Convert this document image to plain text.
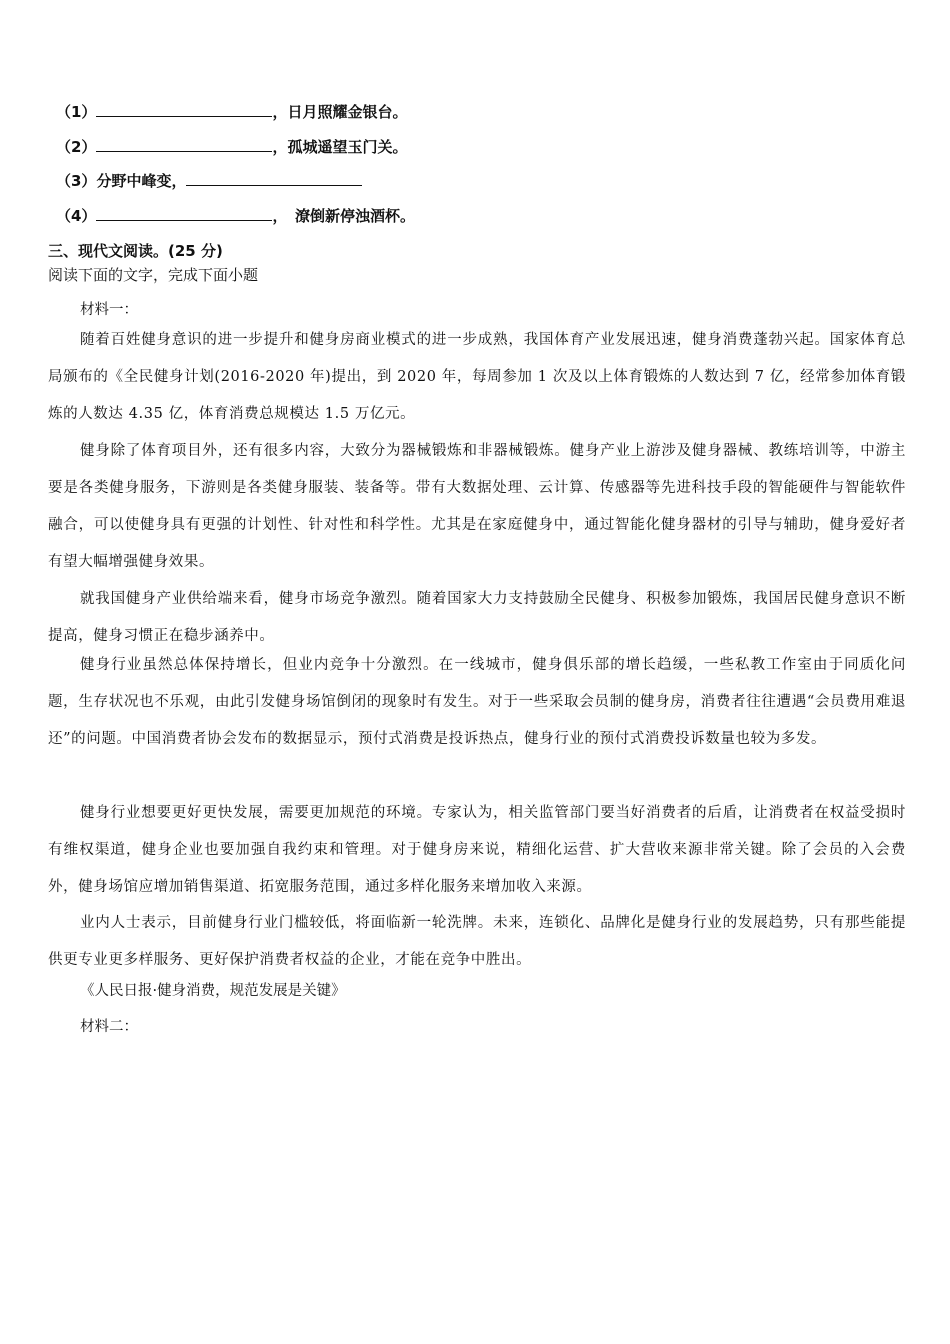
（1）	，日月照耀金银台。
（2）	，孤城遥望玉门关。
（3）分野中峰变，
（4）	，　潦倒新停浊酒杯。
三、现代文阅读。(25 分)
阅读下面的文字，完成下面小题
材料一：
随着百姓健身意识的进一步提升和健身房商业模式的进一步成熟，我国体育产业发展迅速，健身消费蓬勃兴起。国家体育总局颁布的《全民健身计划(2016-2020 年)提出，到 2020 年，每周参加 1 次及以上体育锻炼的人数达到 7 亿，经常参加体育锻炼的人数达 4.35 亿，体育消费总规模达 1.5 万亿元。
健身除了体育项目外，还有很多内容，大致分为器械锻炼和非器械锻炼。健身产业上游涉及健身器械、教练培训等，中游主要是各类健身服务，下游则是各类健身服装、装备等。带有大数据处理、云计算、传感器等先进科技手段的智能硬件与智能软件融合，可以使健身具有更强的计划性、针对性和科学性。尤其是在家庭健身中，通过智能化健身器材的引导与辅助，健身爱好者有望大幅增强健身效果。
就我国健身产业供给端来看，健身市场竞争激烈。随着国家大力支持鼓励全民健身、积极参加锻炼，我国居民健身意识不断提高，健身习惯正在稳步涵养中。
健身行业虽然总体保持增长，但业内竞争十分激烈。在一线城市，健身俱乐部的增长趋缓，一些私教工作室由于同质化问题，生存状况也不乐观，由此引发健身场馆倒闭的现象时有发生。对于一些采取会员制的健身房，消费者往往遭遇“会员费用难退还”的问题。中国消费者协会发布的数据显示，预付式消费是投诉热点，健身行业的预付式消费投诉数量也较为多发。
健身行业想要更好更快发展，需要更加规范的环境。专家认为，相关监管部门要当好消费者的后盾，让消费者在权益受损时有维权渠道，健身企业也要加强自我约束和管理。对于健身房来说，精细化运营、扩大营收来源非常关键。除了会员的入会费外，健身场馆应增加销售渠道、拓宽服务范围，通过多样化服务来增加收入来源。
业内人士表示，目前健身行业门槛较低，将面临新一轮洗牌。未来，连锁化、品牌化是健身行业的发展趋势，只有那些能提供更专业更多样服务、更好保护消费者权益的企业，才能在竞争中胜出。
《人民日报·健身消费，规范发展是关键》
材料二：
